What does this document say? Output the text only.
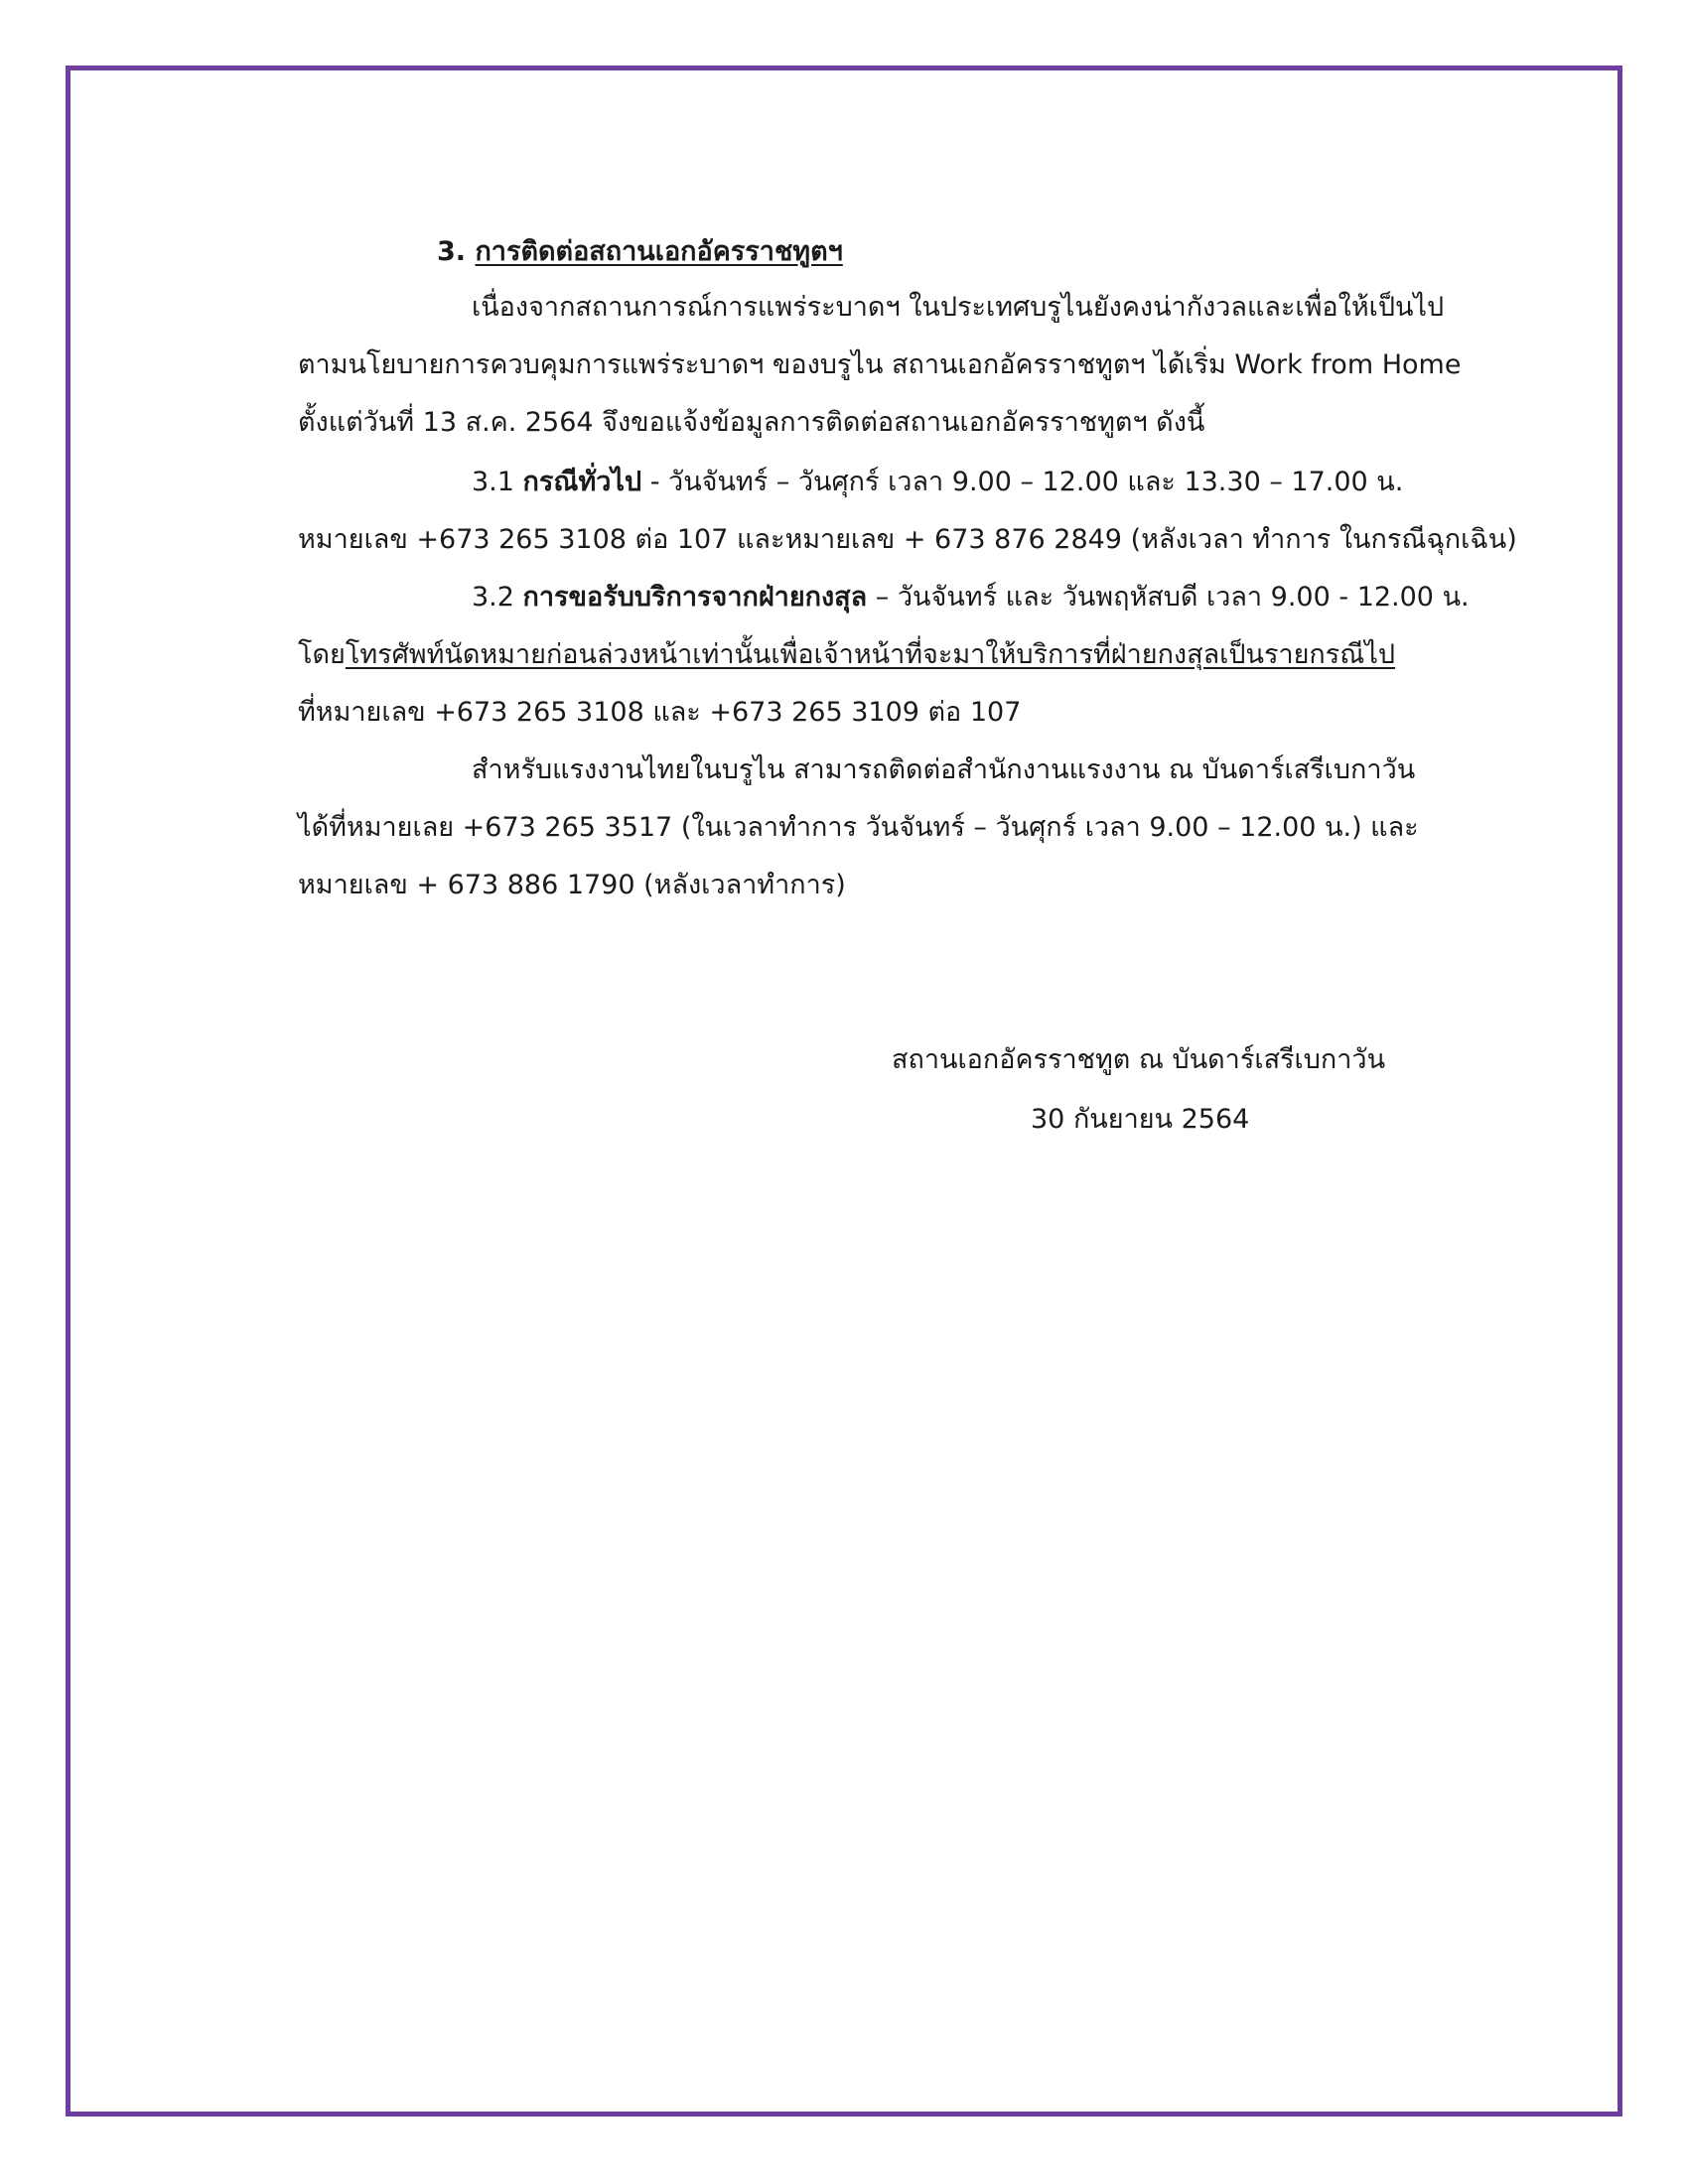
3. การติดต่อสถานเอกอัครราชทูตฯ
เนื่องจากสถานการณ์การแพร่ระบาดฯ ในประเทศบรูไนยังคงน่ากังวลและเพื่อให้เป็นไป
ตามนโยบายการควบคุมการแพร่ระบาดฯ ของบรูไน สถานเอกอัครราชทูตฯ ได้เริ่ม Work from Home
ตั้งแต่วันที่ 13 ส.ค. 2564 จึงขอแจ้งข้อมูลการติดต่อสถานเอกอัครราชทูตฯ ดังนี้
3.1 กรณีทั่วไป - วันจันทร์ – วันศุกร์ เวลา 9.00 – 12.00 และ 13.30 – 17.00 น.
หมายเลข +673 265 3108 ต่อ 107 และหมายเลข + 673 876 2849 (หลังเวลา ทำการ ในกรณีฉุกเฉิน)
3.2 การขอรับบริการจากฝ่ายกงสุล – วันจันทร์ และ วันพฤหัสบดี เวลา 9.00 - 12.00 น.
โดยโทรศัพท์นัดหมายก่อนล่วงหน้าเท่านั้นเพื่อเจ้าหน้าที่จะมาให้บริการที่ฝ่ายกงสุลเป็นรายกรณีไป
ที่หมายเลข +673 265 3108 และ +673 265 3109 ต่อ 107
สำหรับแรงงานไทยในบรูไน สามารถติดต่อสำนักงานแรงงาน ณ บันดาร์เสรีเบกาวัน
ได้ที่หมายเลย +673 265 3517 (ในเวลาทำการ วันจันทร์ – วันศุกร์ เวลา 9.00 – 12.00 น.) และ
หมายเลข + 673 886 1790 (หลังเวลาทำการ)
สถานเอกอัครราชทูต ณ บันดาร์เสรีเบกาวัน
30 กันยายน 2564
